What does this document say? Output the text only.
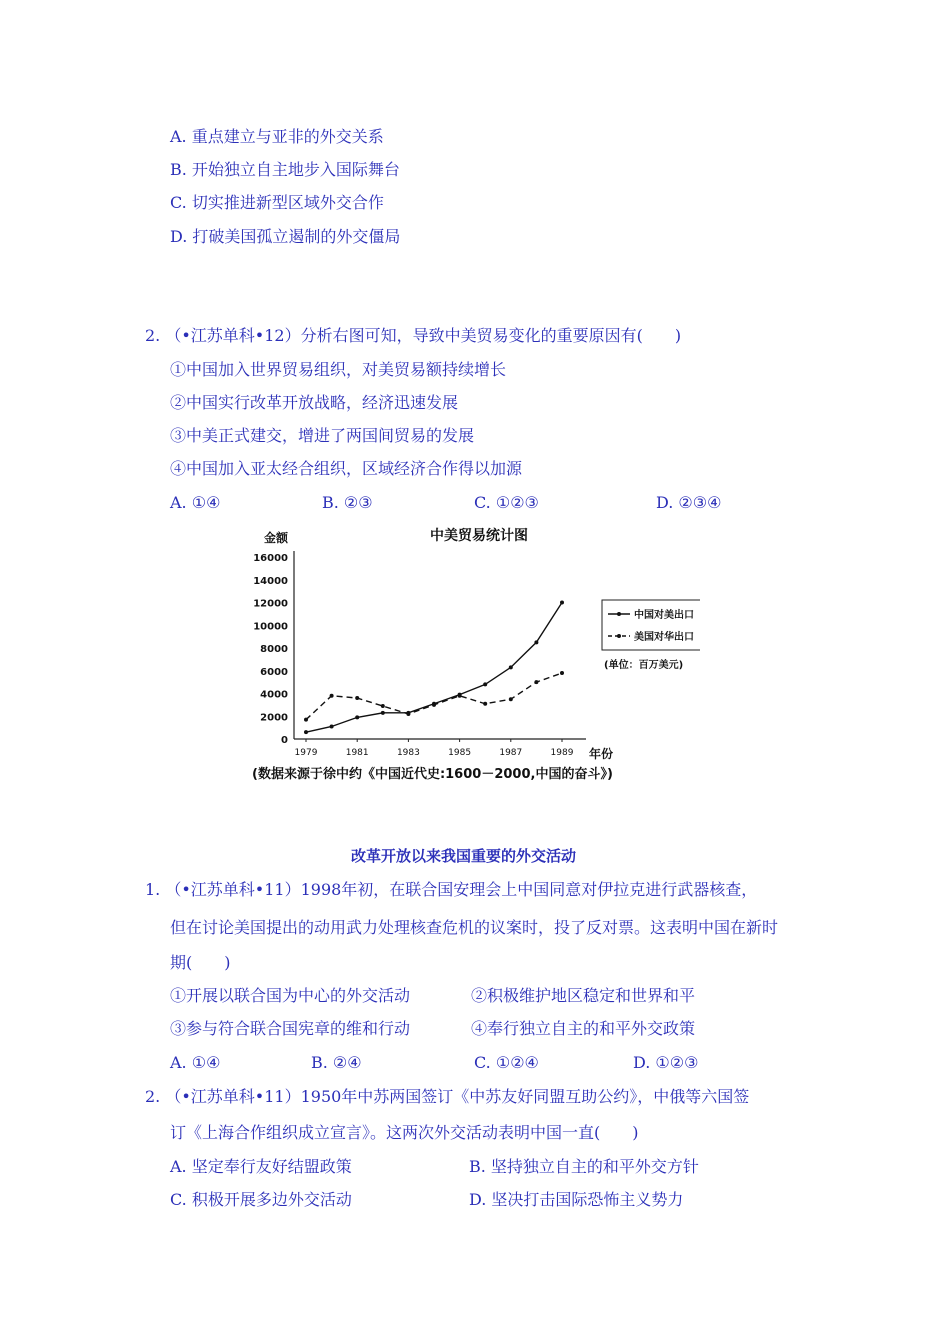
A. 重点建立与亚非的外交关系
B. 开始独立自主地步入国际舞台
C. 切实推进新型区域外交合作
D. 打破美国孤立遏制的外交僵局
2. （•江苏单科•12）分析右图可知，导致中美贸易变化的重要原因有(　　)
①中国加入世界贸易组织，对美贸易额持续增长
②中国实行改革开放战略，经济迅速发展
③中美正式建交，增进了两国间贸易的发展
④中国加入亚太经合组织，区域经济合作得以加源
A. ①④	B. ②③	C. ①②③	D. ②③④
中美贸易统计图
金额
年份
16000
14000
12000
10000
8000
6000
4000
2000
0
1979	1981	1983	1985	1987	1989
中国对美出口
美国对华出口
(单位：百万美元)
(数据来源于徐中约《中国近代史:1600－2000,中国的奋斗》)
改革开放以来我国重要的外交活动
1. （•江苏单科•11）1998年初，在联合国安理会上中国同意对伊拉克进行武器核查，
但在讨论美国提出的动用武力处理核查危机的议案时，投了反对票。这表明中国在新时
期(　　)
①开展以联合国为中心的外交活动	②积极维护地区稳定和世界和平
③参与符合联合国宪章的维和行动	④奉行独立自主的和平外交政策
A. ①④	B. ②④	C. ①②④	D. ①②③
2. （•江苏单科•11）1950年中苏两国签订《中苏友好同盟互助公约》，中俄等六国签
订《上海合作组织成立宣言》。这两次外交活动表明中国一直(　　)
A. 坚定奉行友好结盟政策	B. 坚持独立自主的和平外交方针
C. 积极开展多边外交活动	D. 坚决打击国际恐怖主义势力
